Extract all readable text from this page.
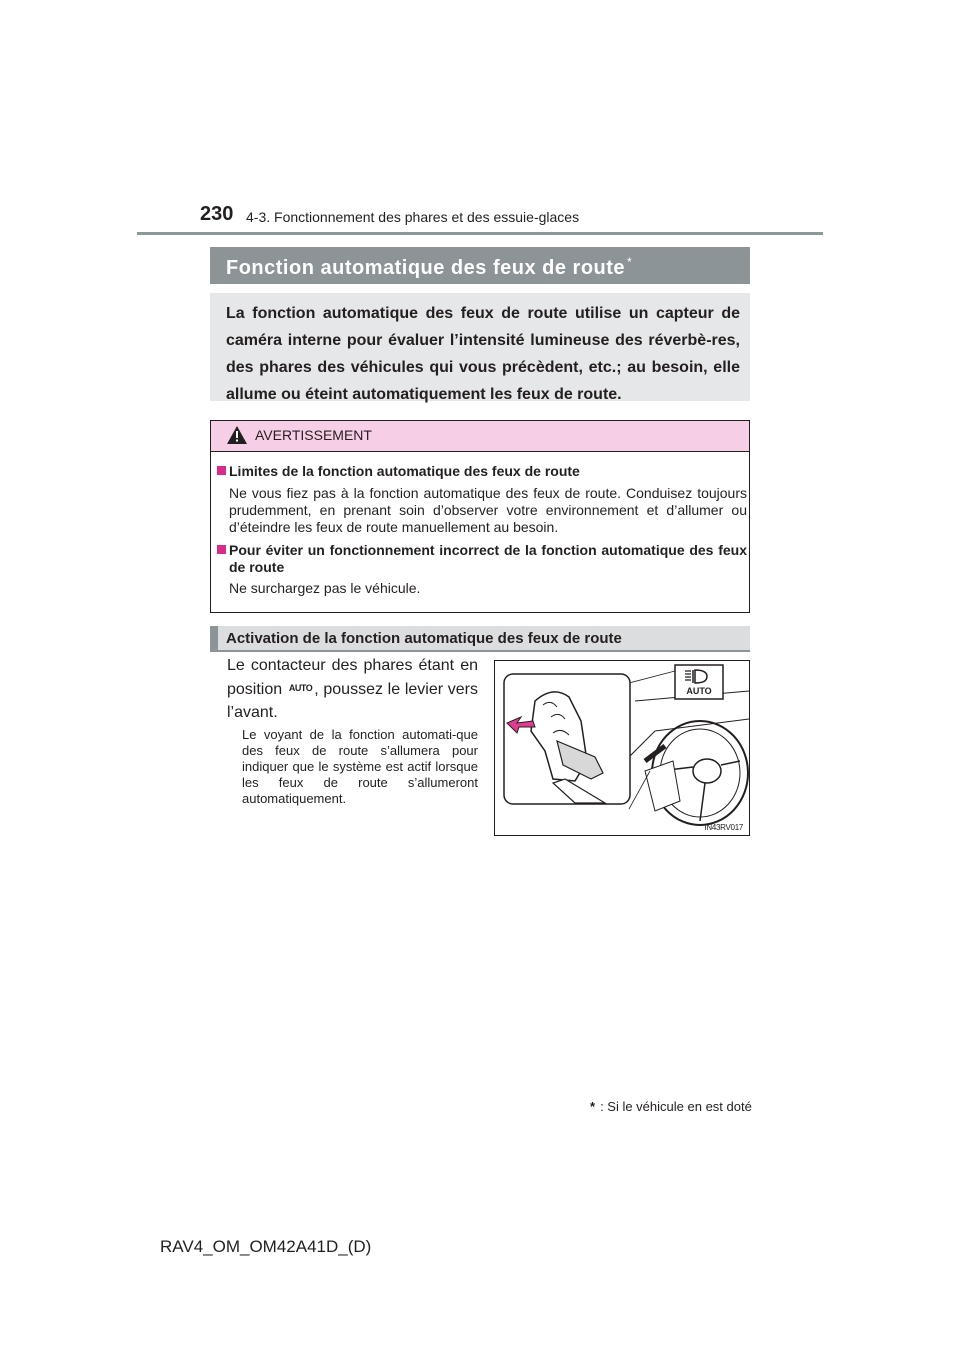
230 4-3. Fonctionnement des phares et des essuie-glaces
Fonction automatique des feux de route *
La fonction automatique des feux de route utilise un capteur de caméra interne pour évaluer l’intensité lumineuse des réverbè-res, des phares des véhicules qui vous précèdent, etc.; au besoin, elle allume ou éteint automatiquement les feux de route.
AVERTISSEMENT
Limites de la fonction automatique des feux de route
Ne vous fiez pas à la fonction automatique des feux de route. Conduisez toujours prudemment, en prenant soin d’observer votre environnement et d’allumer ou d’éteindre les feux de route manuellement au besoin.
Pour éviter un fonctionnement incorrect de la fonction automatique des feux de route
Ne surchargez pas le véhicule.
Activation de la fonction automatique des feux de route
Le contacteur des phares étant en position AUTO , poussez le levier vers l’avant.
Le voyant de la fonction automati-que des feux de route s’allumera pour indiquer que le système est actif lorsque les feux de route s’allumeront automatiquement.
AUTO
IN43RV017
* : Si le véhicule en est doté
RAV4_OM_OM42A41D_(D)
